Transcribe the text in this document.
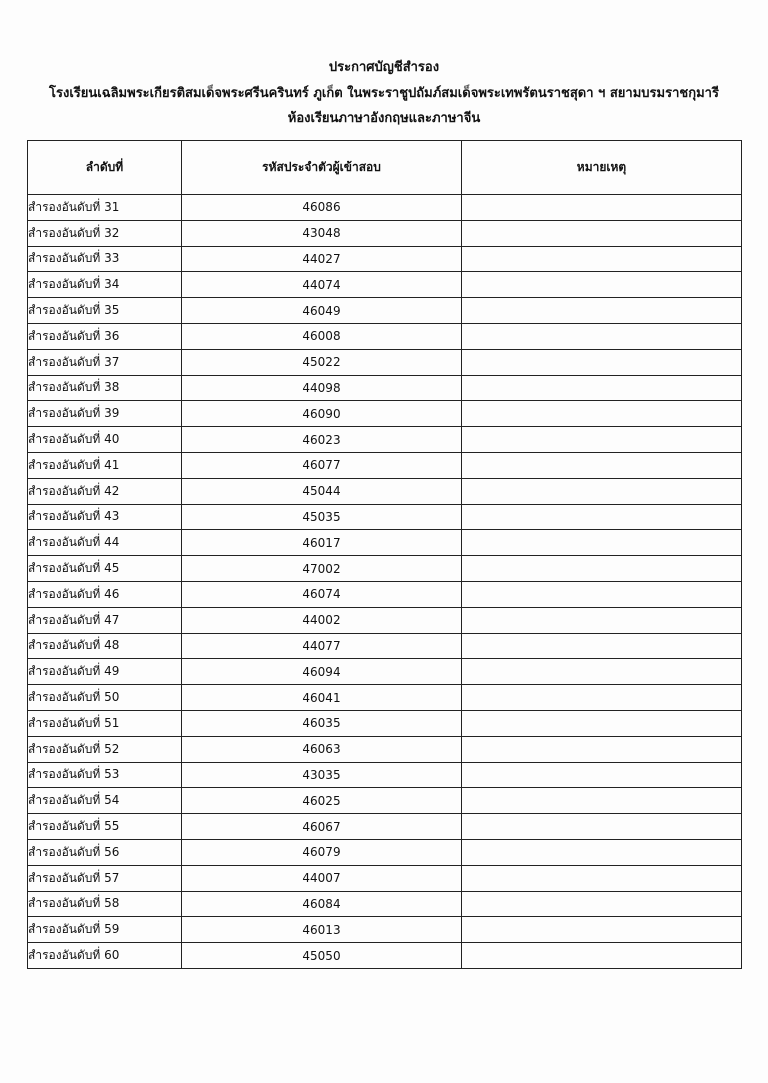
ประกาศบัญชีสำรอง
โรงเรียนเฉลิมพระเกียรติสมเด็จพระศรีนครินทร์ ภูเก็ต ในพระราชูปถัมภ์สมเด็จพระเทพรัตนราชสุดา ฯ สยามบรมราชกุมารี
ห้องเรียนภาษาอังกฤษและภาษาจีน
ลำดับที่	รหัสประจำตัวผู้เข้าสอบ	หมายเหตุ
สำรองอันดับที่ 31	46086	
สำรองอันดับที่ 32	43048	
สำรองอันดับที่ 33	44027	
สำรองอันดับที่ 34	44074	
สำรองอันดับที่ 35	46049	
สำรองอันดับที่ 36	46008	
สำรองอันดับที่ 37	45022	
สำรองอันดับที่ 38	44098	
สำรองอันดับที่ 39	46090	
สำรองอันดับที่ 40	46023	
สำรองอันดับที่ 41	46077	
สำรองอันดับที่ 42	45044	
สำรองอันดับที่ 43	45035	
สำรองอันดับที่ 44	46017	
สำรองอันดับที่ 45	47002	
สำรองอันดับที่ 46	46074	
สำรองอันดับที่ 47	44002	
สำรองอันดับที่ 48	44077	
สำรองอันดับที่ 49	46094	
สำรองอันดับที่ 50	46041	
สำรองอันดับที่ 51	46035	
สำรองอันดับที่ 52	46063	
สำรองอันดับที่ 53	43035	
สำรองอันดับที่ 54	46025	
สำรองอันดับที่ 55	46067	
สำรองอันดับที่ 56	46079	
สำรองอันดับที่ 57	44007	
สำรองอันดับที่ 58	46084	
สำรองอันดับที่ 59	46013	
สำรองอันดับที่ 60	45050	
